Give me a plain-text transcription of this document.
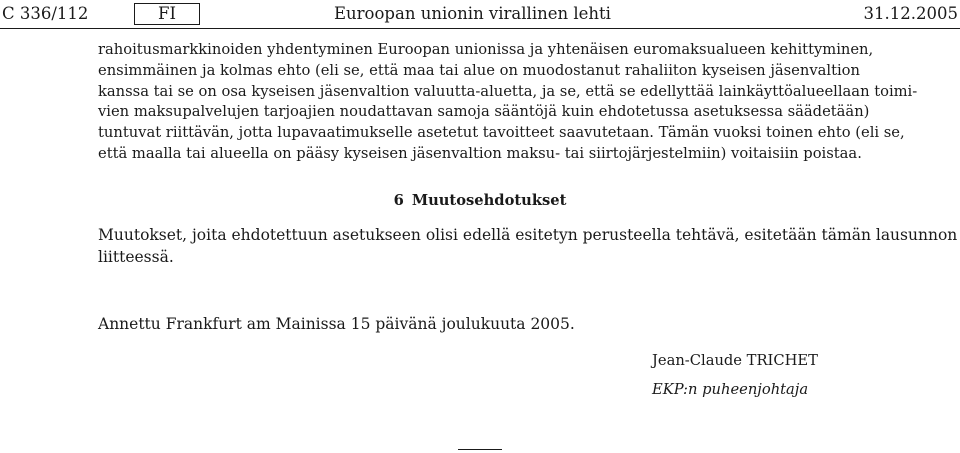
C 336/112	FI	Euroopan unionin virallinen lehti	31.12.2005

rahoitusmarkkinoiden yhdentyminen Euroopan unionissa ja yhtenäisen euromaksualueen kehittyminen,
ensimmäinen ja kolmas ehto (eli se, että maa tai alue on muodostanut rahaliiton kyseisen jäsenvaltion
kanssa tai se on osa kyseisen jäsenvaltion valuutta-aluetta, ja se, että se edellyttää lainkäyttöalueellaan toimi-
vien maksupalvelujen tarjoajien noudattavan samoja sääntöjä kuin ehdotetussa asetuksessa säädetään)
tuntuvat riittävän, jotta lupavaatimukselle asetetut tavoitteet saavutetaan. Tämän vuoksi toinen ehto (eli se,
että maalla tai alueella on pääsy kyseisen jäsenvaltion maksu- tai siirtojärjestelmiin) voitaisiin poistaa.

6 Muutosehdotukset

Muutokset, joita ehdotettuun asetukseen olisi edellä esitetyn perusteella tehtävä, esitetään tämän lausunnon
liitteessä.

Annettu Frankfurt am Mainissa 15 päivänä joulukuuta 2005.

Jean-Claude TRICHET
EKP:n puheenjohtaja
